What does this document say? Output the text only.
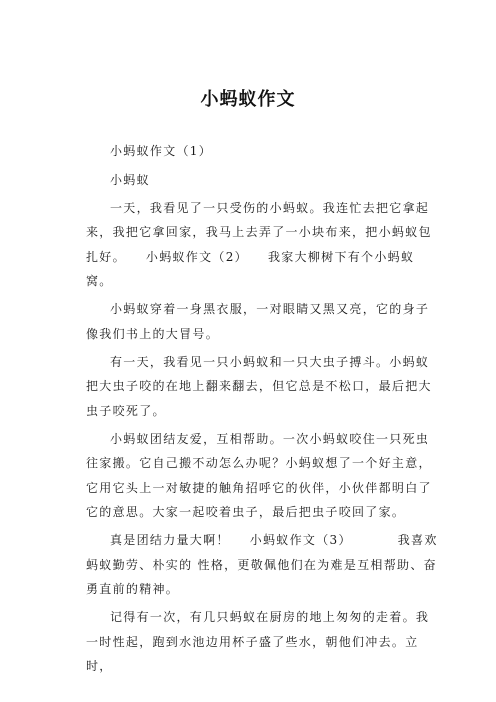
小蚂蚁作文

小蚂蚁作文（1）

小蚂蚁

一天，我看见了一只受伤的小蚂蚁。我连忙去把它拿起来，我把它拿回家，我马上去弄了一小块布来，把小蚂蚁包扎好。 小蚂蚁作文（2） 我家大柳树下有个小蚂蚁窝。

小蚂蚁穿着一身黑衣服，一对眼睛又黑又亮，它的身子像我们书上的大冒号。

有一天，我看见一只小蚂蚁和一只大虫子搏斗。小蚂蚁把大虫子咬的在地上翻来翻去，但它总是不松口，最后把大虫子咬死了。

小蚂蚁团结友爱，互相帮助。一次小蚂蚁咬住一只死虫往家搬。它自己搬不动怎么办呢？小蚂蚁想了一个好主意，它用它头上一对敏捷的触角招呼它的伙伴，小伙伴都明白了它的意思。大家一起咬着虫子，最后把虫子咬回了家。

真是团结力量大啊！ 小蚂蚁作文（3）	我喜欢蚂蚁勤劳、朴实的 性格，更敬佩他们在为难是互相帮助、奋勇直前的精神。

记得有一次，有几只蚂蚁在厨房的地上匆匆的走着。我一时性起，跑到水池边用杯子盛了些水，朝他们冲去。立时，
